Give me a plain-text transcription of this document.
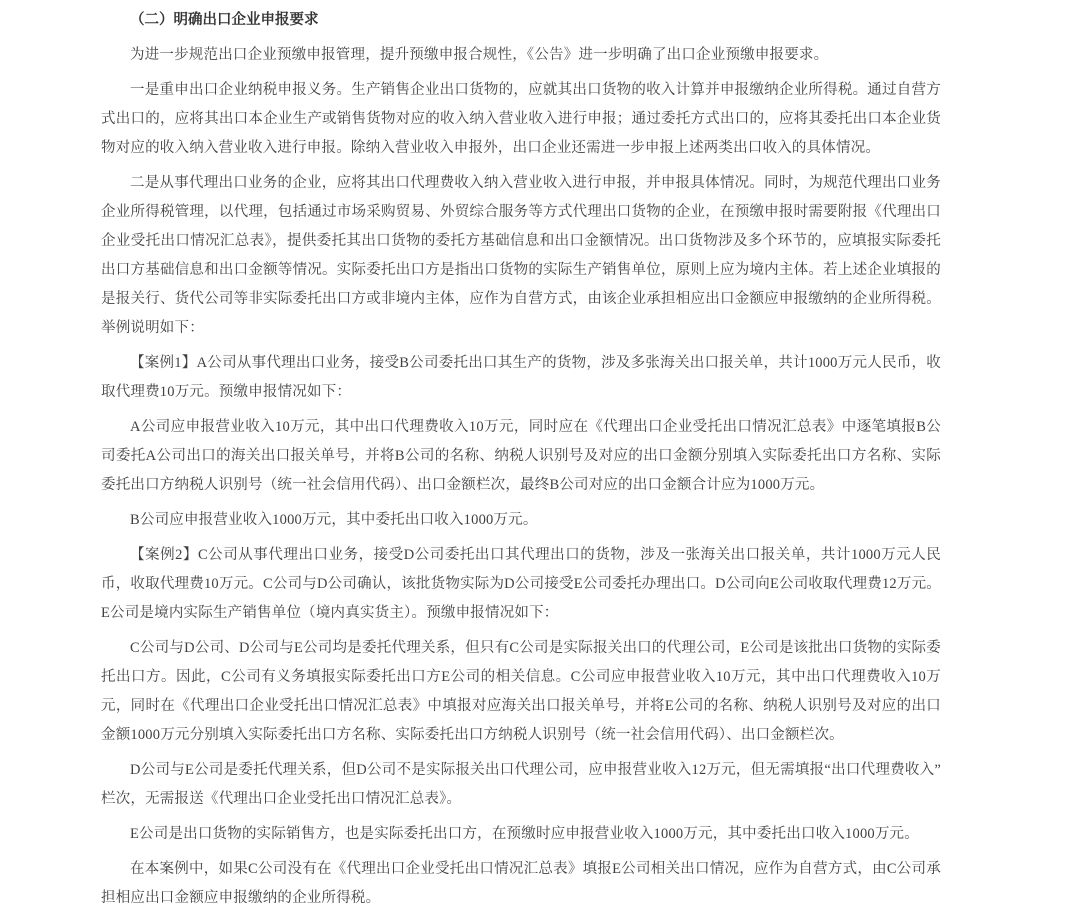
（二）明确出口企业申报要求

为进一步规范出口企业预缴申报管理，提升预缴申报合规性，《公告》进一步明确了出口企业预缴申报要求。

一是重申出口企业纳税申报义务。生产销售企业出口货物的，应就其出口货物的收入计算并申报缴纳企业所得税。通过自营方式出口的，应将其出口本企业生产或销售货物对应的收入纳入营业收入进行申报；通过委托方式出口的，应将其委托出口本企业货物对应的收入纳入营业收入进行申报。除纳入营业收入申报外，出口企业还需进一步申报上述两类出口收入的具体情况。

二是从事代理出口业务的企业，应将其出口代理费收入纳入营业收入进行申报，并申报具体情况。同时，为规范代理出口业务企业所得税管理，以代理，包括通过市场采购贸易、外贸综合服务等方式代理出口货物的企业，在预缴申报时需要附报《代理出口企业受托出口情况汇总表》，提供委托其出口货物的委托方基础信息和出口金额情况。出口货物涉及多个环节的，应填报实际委托出口方基础信息和出口金额等情况。实际委托出口方是指出口货物的实际生产销售单位，原则上应为境内主体。若上述企业填报的是报关行、货代公司等非实际委托出口方或非境内主体，应作为自营方式，由该企业承担相应出口金额应申报缴纳的企业所得税。举例说明如下：

【案例1】A公司从事代理出口业务，接受B公司委托出口其生产的货物，涉及多张海关出口报关单，共计1000万元人民币，收取代理费10万元。预缴申报情况如下：

A公司应申报营业收入10万元，其中出口代理费收入10万元，同时应在《代理出口企业受托出口情况汇总表》中逐笔填报B公司委托A公司出口的海关出口报关单号，并将B公司的名称、纳税人识别号及对应的出口金额分别填入实际委托出口方名称、实际委托出口方纳税人识别号（统一社会信用代码）、出口金额栏次，最终B公司对应的出口金额合计应为1000万元。

B公司应申报营业收入1000万元，其中委托出口收入1000万元。

【案例2】C公司从事代理出口业务，接受D公司委托出口其代理出口的货物，涉及一张海关出口报关单，共计1000万元人民币，收取代理费10万元。C公司与D公司确认，该批货物实际为D公司接受E公司委托办理出口。D公司向E公司收取代理费12万元。E公司是境内实际生产销售单位（境内真实货主）。预缴申报情况如下：

C公司与D公司、D公司与E公司均是委托代理关系，但只有C公司是实际报关出口的代理公司，E公司是该批出口货物的实际委托出口方。因此，C公司有义务填报实际委托出口方E公司的相关信息。C公司应申报营业收入10万元，其中出口代理费收入10万元，同时在《代理出口企业受托出口情况汇总表》中填报对应海关出口报关单号，并将E公司的名称、纳税人识别号及对应的出口金额1000万元分别填入实际委托出口方名称、实际委托出口方纳税人识别号（统一社会信用代码）、出口金额栏次。

D公司与E公司是委托代理关系，但D公司不是实际报关出口代理公司，应申报营业收入12万元，但无需填报“出口代理费收入”栏次，无需报送《代理出口企业受托出口情况汇总表》。

E公司是出口货物的实际销售方，也是实际委托出口方，在预缴时应申报营业收入1000万元，其中委托出口收入1000万元。

在本案例中，如果C公司没有在《代理出口企业受托出口情况汇总表》填报E公司相关出口情况，应作为自营方式，由C公司承担相应出口金额应申报缴纳的企业所得税。
